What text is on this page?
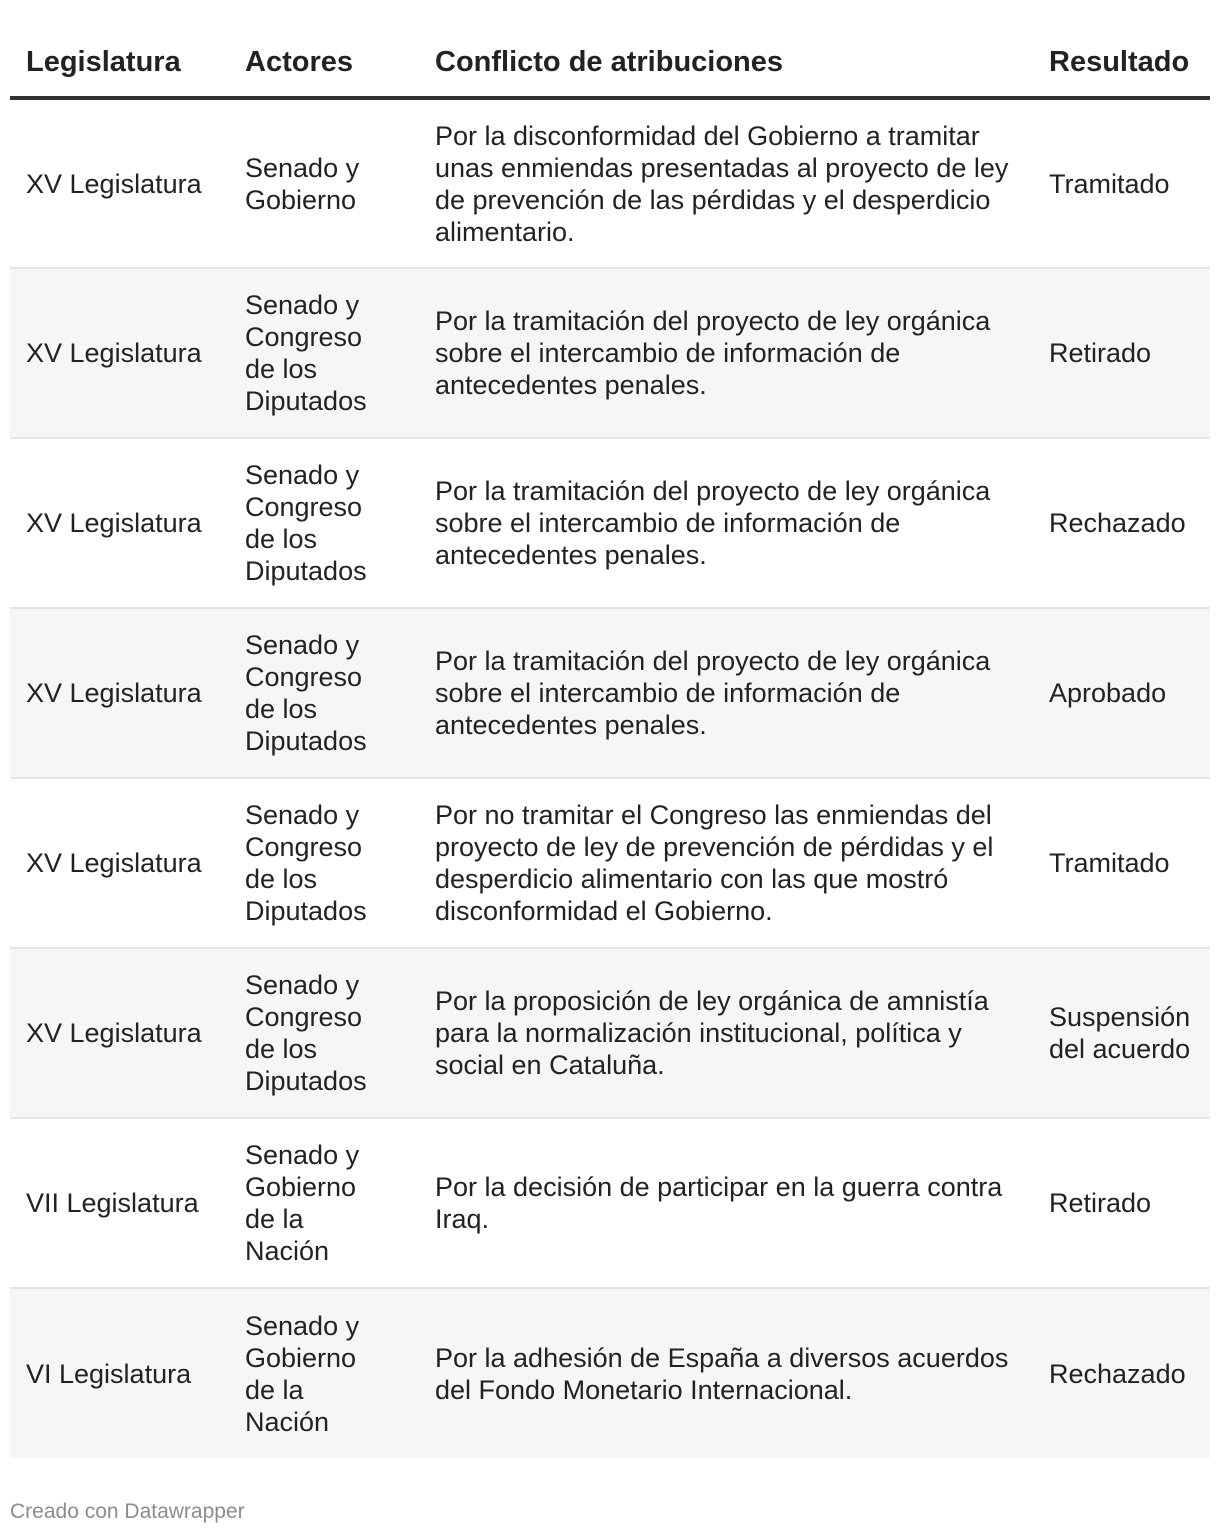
Legislatura	Actores	Conflicto de atribuciones	Resultado
XV Legislatura	Senado y Gobierno	Por la disconformidad del Gobierno a tramitar unas enmiendas presentadas al proyecto de ley de prevención de las pérdidas y el desperdicio alimentario.	Tramitado
XV Legislatura	Senado y Congreso de los Diputados	Por la tramitación del proyecto de ley orgánica sobre el intercambio de información de antecedentes penales.	Retirado
XV Legislatura	Senado y Congreso de los Diputados	Por la tramitación del proyecto de ley orgánica sobre el intercambio de información de antecedentes penales.	Rechazado
XV Legislatura	Senado y Congreso de los Diputados	Por la tramitación del proyecto de ley orgánica sobre el intercambio de información de antecedentes penales.	Aprobado
XV Legislatura	Senado y Congreso de los Diputados	Por no tramitar el Congreso las enmiendas del proyecto de ley de prevención de pérdidas y el desperdicio alimentario con las que mostró disconformidad el Gobierno.	Tramitado
XV Legislatura	Senado y Congreso de los Diputados	Por la proposición de ley orgánica de amnistía para la normalización institucional, política y social en Cataluña.	Suspensión del acuerdo
VII Legislatura	Senado y Gobierno de la Nación	Por la decisión de participar en la guerra contra Iraq.	Retirado
VI Legislatura	Senado y Gobierno de la Nación	Por la adhesión de España a diversos acuerdos del Fondo Monetario Internacional.	Rechazado
Creado con Datawrapper
